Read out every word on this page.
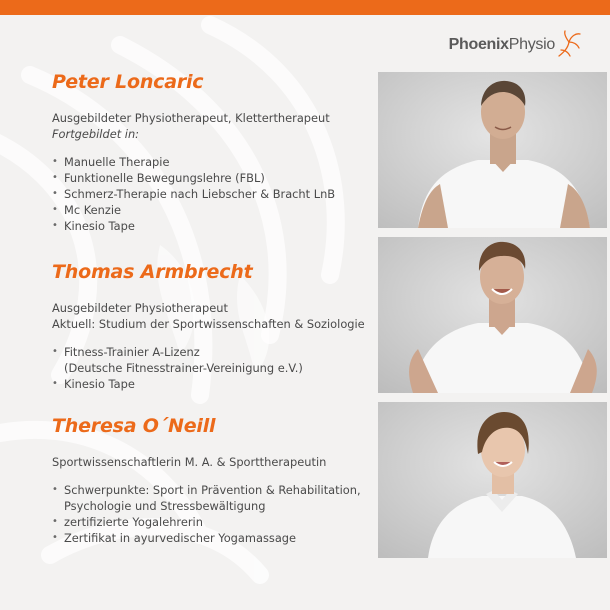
PhoenixPhysio
Peter Loncaric
Ausgebildeter Physiotherapeut, Klettertherapeut
Fortgebildet in:
• Manuelle Therapie
• Funktionelle Bewegungslehre (FBL)
• Schmerz-Therapie nach Liebscher & Bracht LnB
• Mc Kenzie
• Kinesio Tape
Thomas Armbrecht
Ausgebildeter Physiotherapeut
Aktuell: Studium der Sportwissenschaften & Soziologie
• Fitness-Trainier A-Lizenz
(Deutsche Fitnesstrainer-Vereinigung e.V.)
• Kinesio Tape
Theresa O´Neill
Sportwissenschaftlerin M. A. & Sporttherapeutin
• Schwerpunkte: Sport in Prävention & Rehabilitation,
Psychologie und Stressbewältigung
• zertifizierte Yogalehrerin
• Zertifikat in ayurvedischer Yogamassage
